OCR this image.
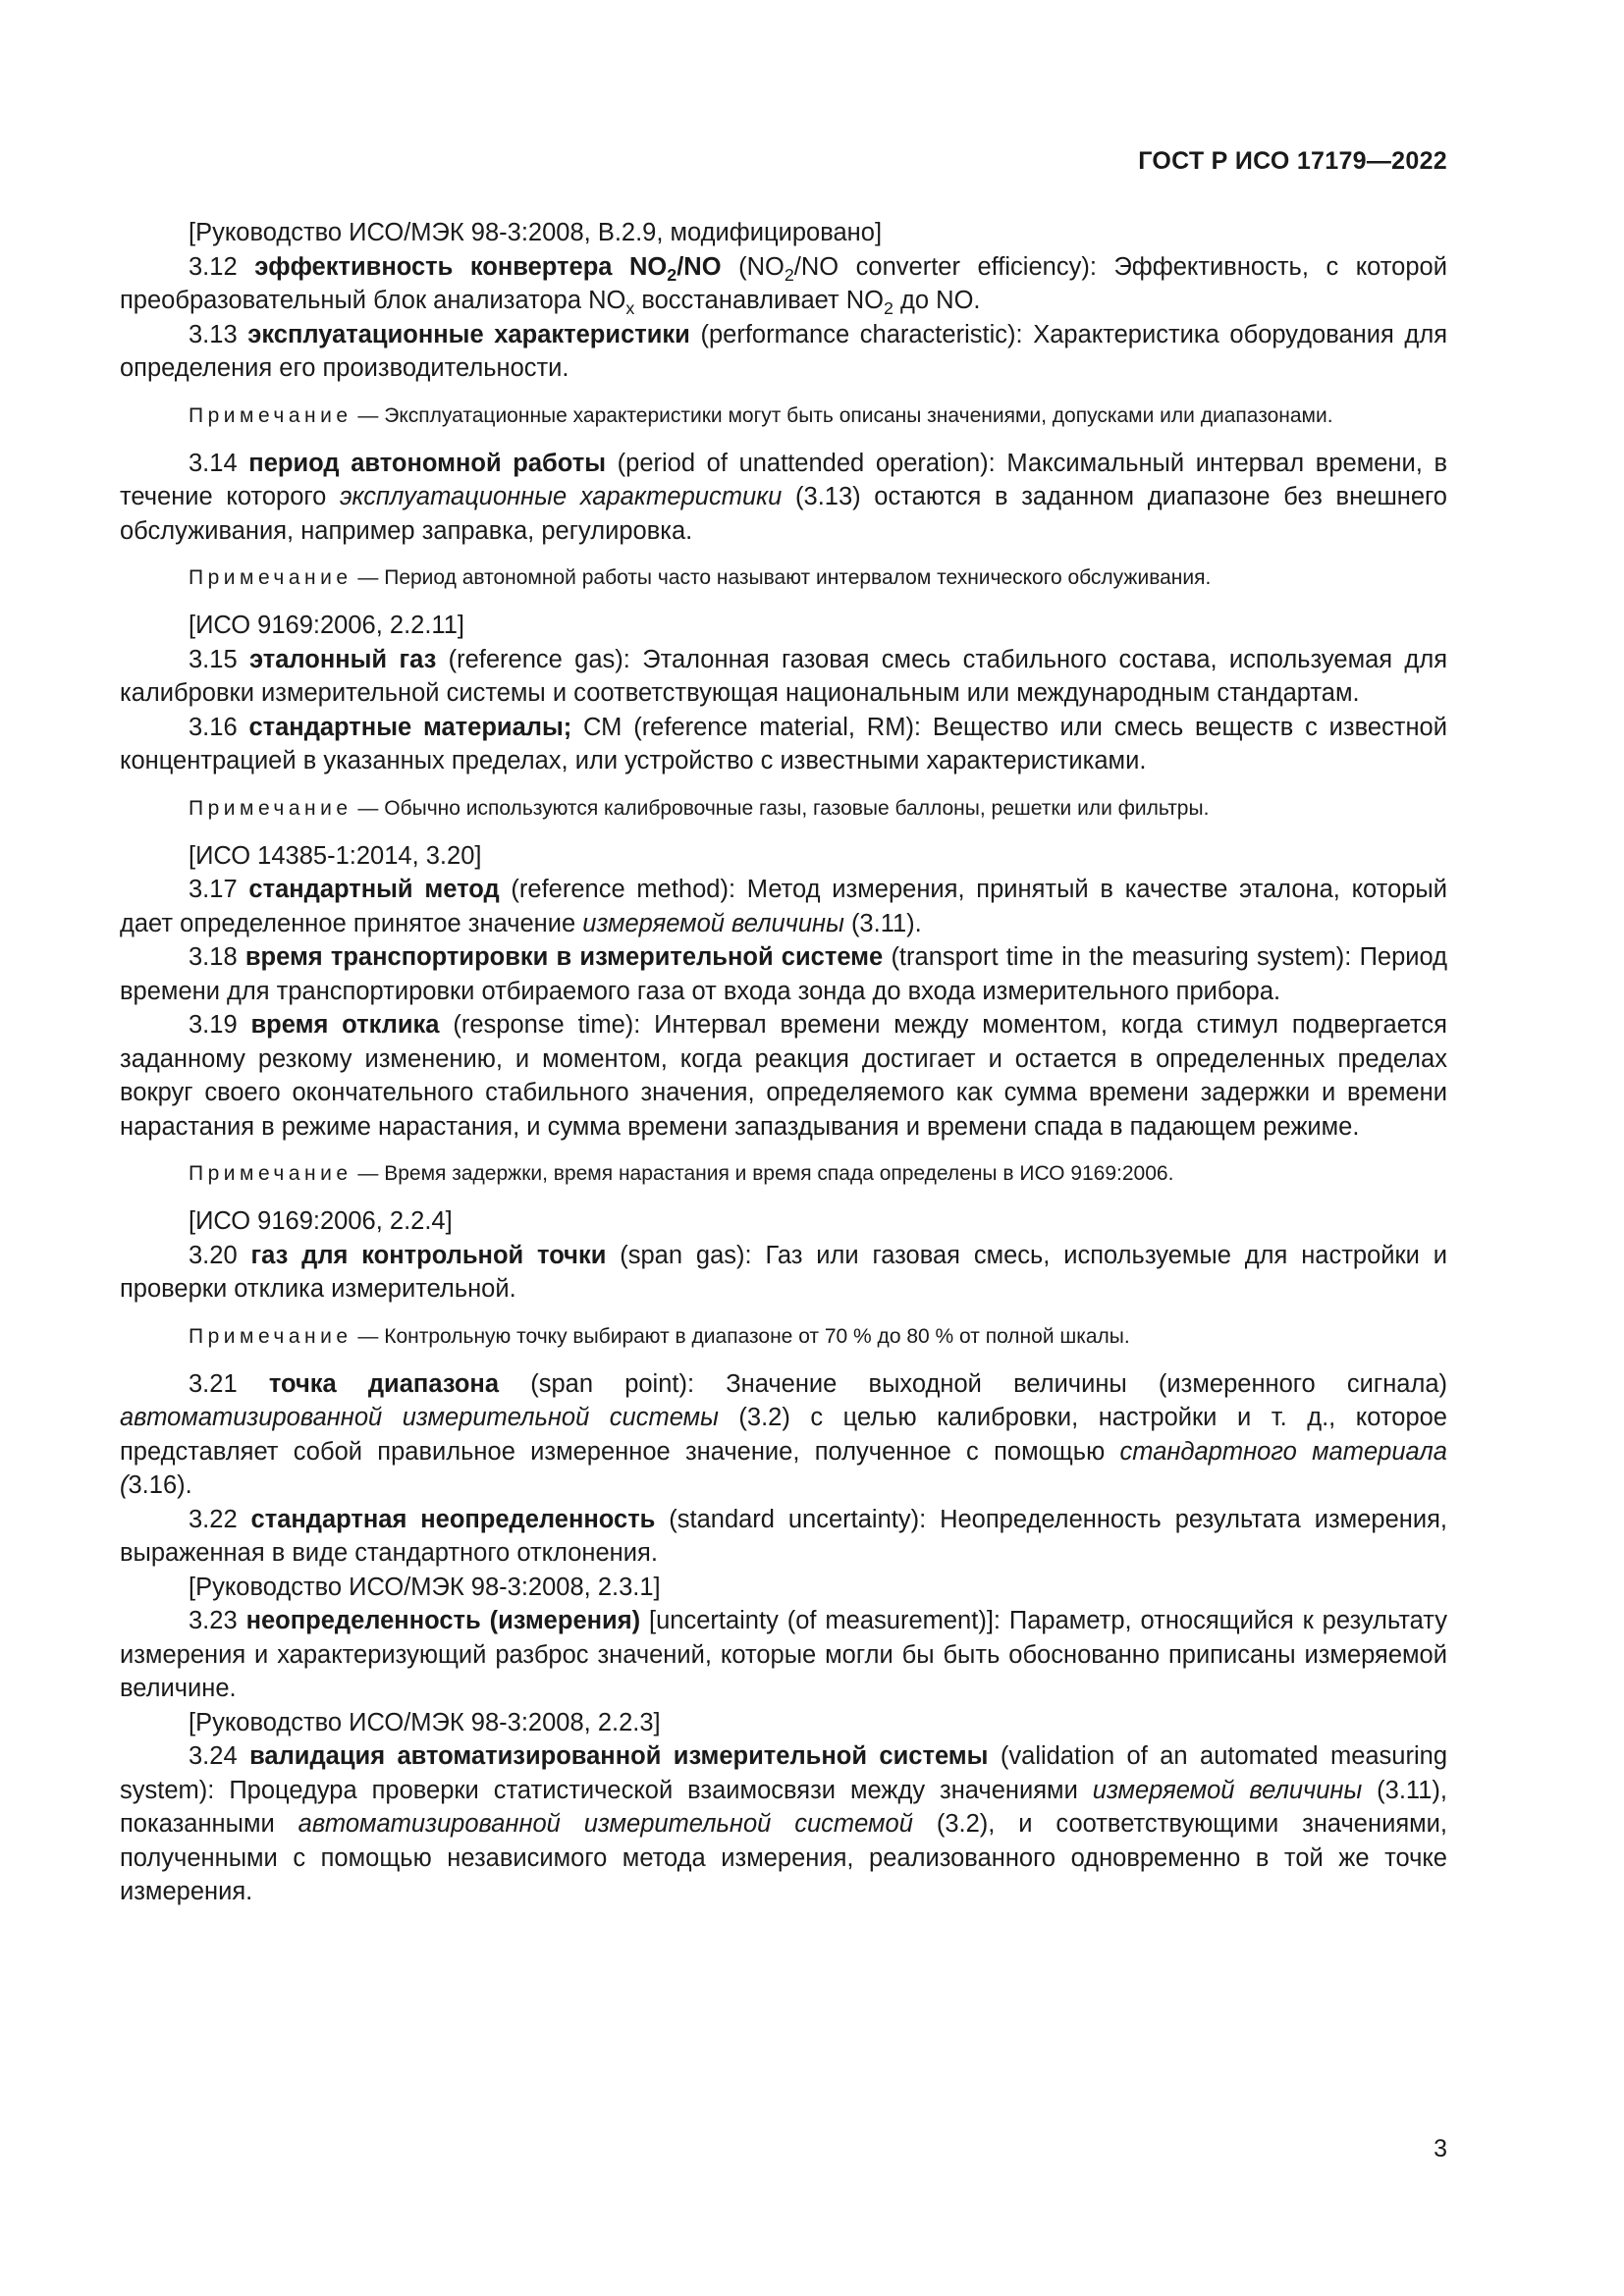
ГОСТ Р ИСО 17179—2022

[Руководство ИСО/МЭК 98-3:2008, В.2.9, модифицировано]

3.12 эффективность конвертера $NO_2/NO$ ($NO_2/NO$ converter efficiency): Эффективность, с которой преобразовательный блок анализатора $NO_x$ восстанавливает $NO_2$ до NO.

3.13 эксплуатационные характеристики (performance characteristic): Характеристика оборудования для определения его производительности.

Примечание — Эксплуатационные характеристики могут быть описаны значениями, допусками или диапазонами.

3.14 период автономной работы (period of unattended operation): Максимальный интервал времени, в течение которого эксплуатационные характеристики (3.13) остаются в заданном диапазоне без внешнего обслуживания, например заправка, регулировка.

Примечание — Период автономной работы часто называют интервалом технического обслуживания.

[ИСО 9169:2006, 2.2.11]

3.15 эталонный газ (reference gas): Эталонная газовая смесь стабильного состава, используемая для калибровки измерительной системы и соответствующая национальным или международным стандартам.

3.16 стандартные материалы; СМ (reference material, RM): Вещество или смесь веществ с известной концентрацией в указанных пределах, или устройство с известными характеристиками.

Примечание — Обычно используются калибровочные газы, газовые баллоны, решетки или фильтры.

[ИСО 14385-1:2014, 3.20]

3.17 стандартный метод (reference method): Метод измерения, принятый в качестве эталона, который дает определенное принятое значение измеряемой величины (3.11).

3.18 время транспортировки в измерительной системе (transport time in the measuring system): Период времени для транспортировки отбираемого газа от входа зонда до входа измерительного прибора.

3.19 время отклика (response time): Интервал времени между моментом, когда стимул подвергается заданному резкому изменению, и моментом, когда реакция достигает и остается в определенных пределах вокруг своего окончательного стабильного значения, определяемого как сумма времени задержки и времени нарастания в режиме нарастания, и сумма времени запаздывания и времени спада в падающем режиме.

Примечание — Время задержки, время нарастания и время спада определены в ИСО 9169:2006.

[ИСО 9169:2006, 2.2.4]

3.20 газ для контрольной точки (span gas): Газ или газовая смесь, используемые для настройки и проверки отклика измерительной.

Примечание — Контрольную точку выбирают в диапазоне от 70 % до 80 % от полной шкалы.

3.21 точка диапазона (span point): Значение выходной величины (измеренного сигнала) автоматизированной измерительной системы (3.2) с целью калибровки, настройки и т. д., которое представляет собой правильное измеренное значение, полученное с помощью стандартного материала (3.16).

3.22 стандартная неопределенность (standard uncertainty): Неопределенность результата измерения, выраженная в виде стандартного отклонения.

[Руководство ИСО/МЭК 98-3:2008, 2.3.1]

3.23 неопределенность (измерения) [uncertainty (of measurement)]: Параметр, относящийся к результату измерения и характеризующий разброс значений, которые могли бы быть обоснованно приписаны измеряемой величине.

[Руководство ИСО/МЭК 98-3:2008, 2.2.3]

3.24 валидация автоматизированной измерительной системы (validation of an automated measuring system): Процедура проверки статистической взаимосвязи между значениями измеряемой величины (3.11), показанными автоматизированной измерительной системой (3.2), и соответствующими значениями, полученными с помощью независимого метода измерения, реализованного одновременно в той же точке измерения.

3
